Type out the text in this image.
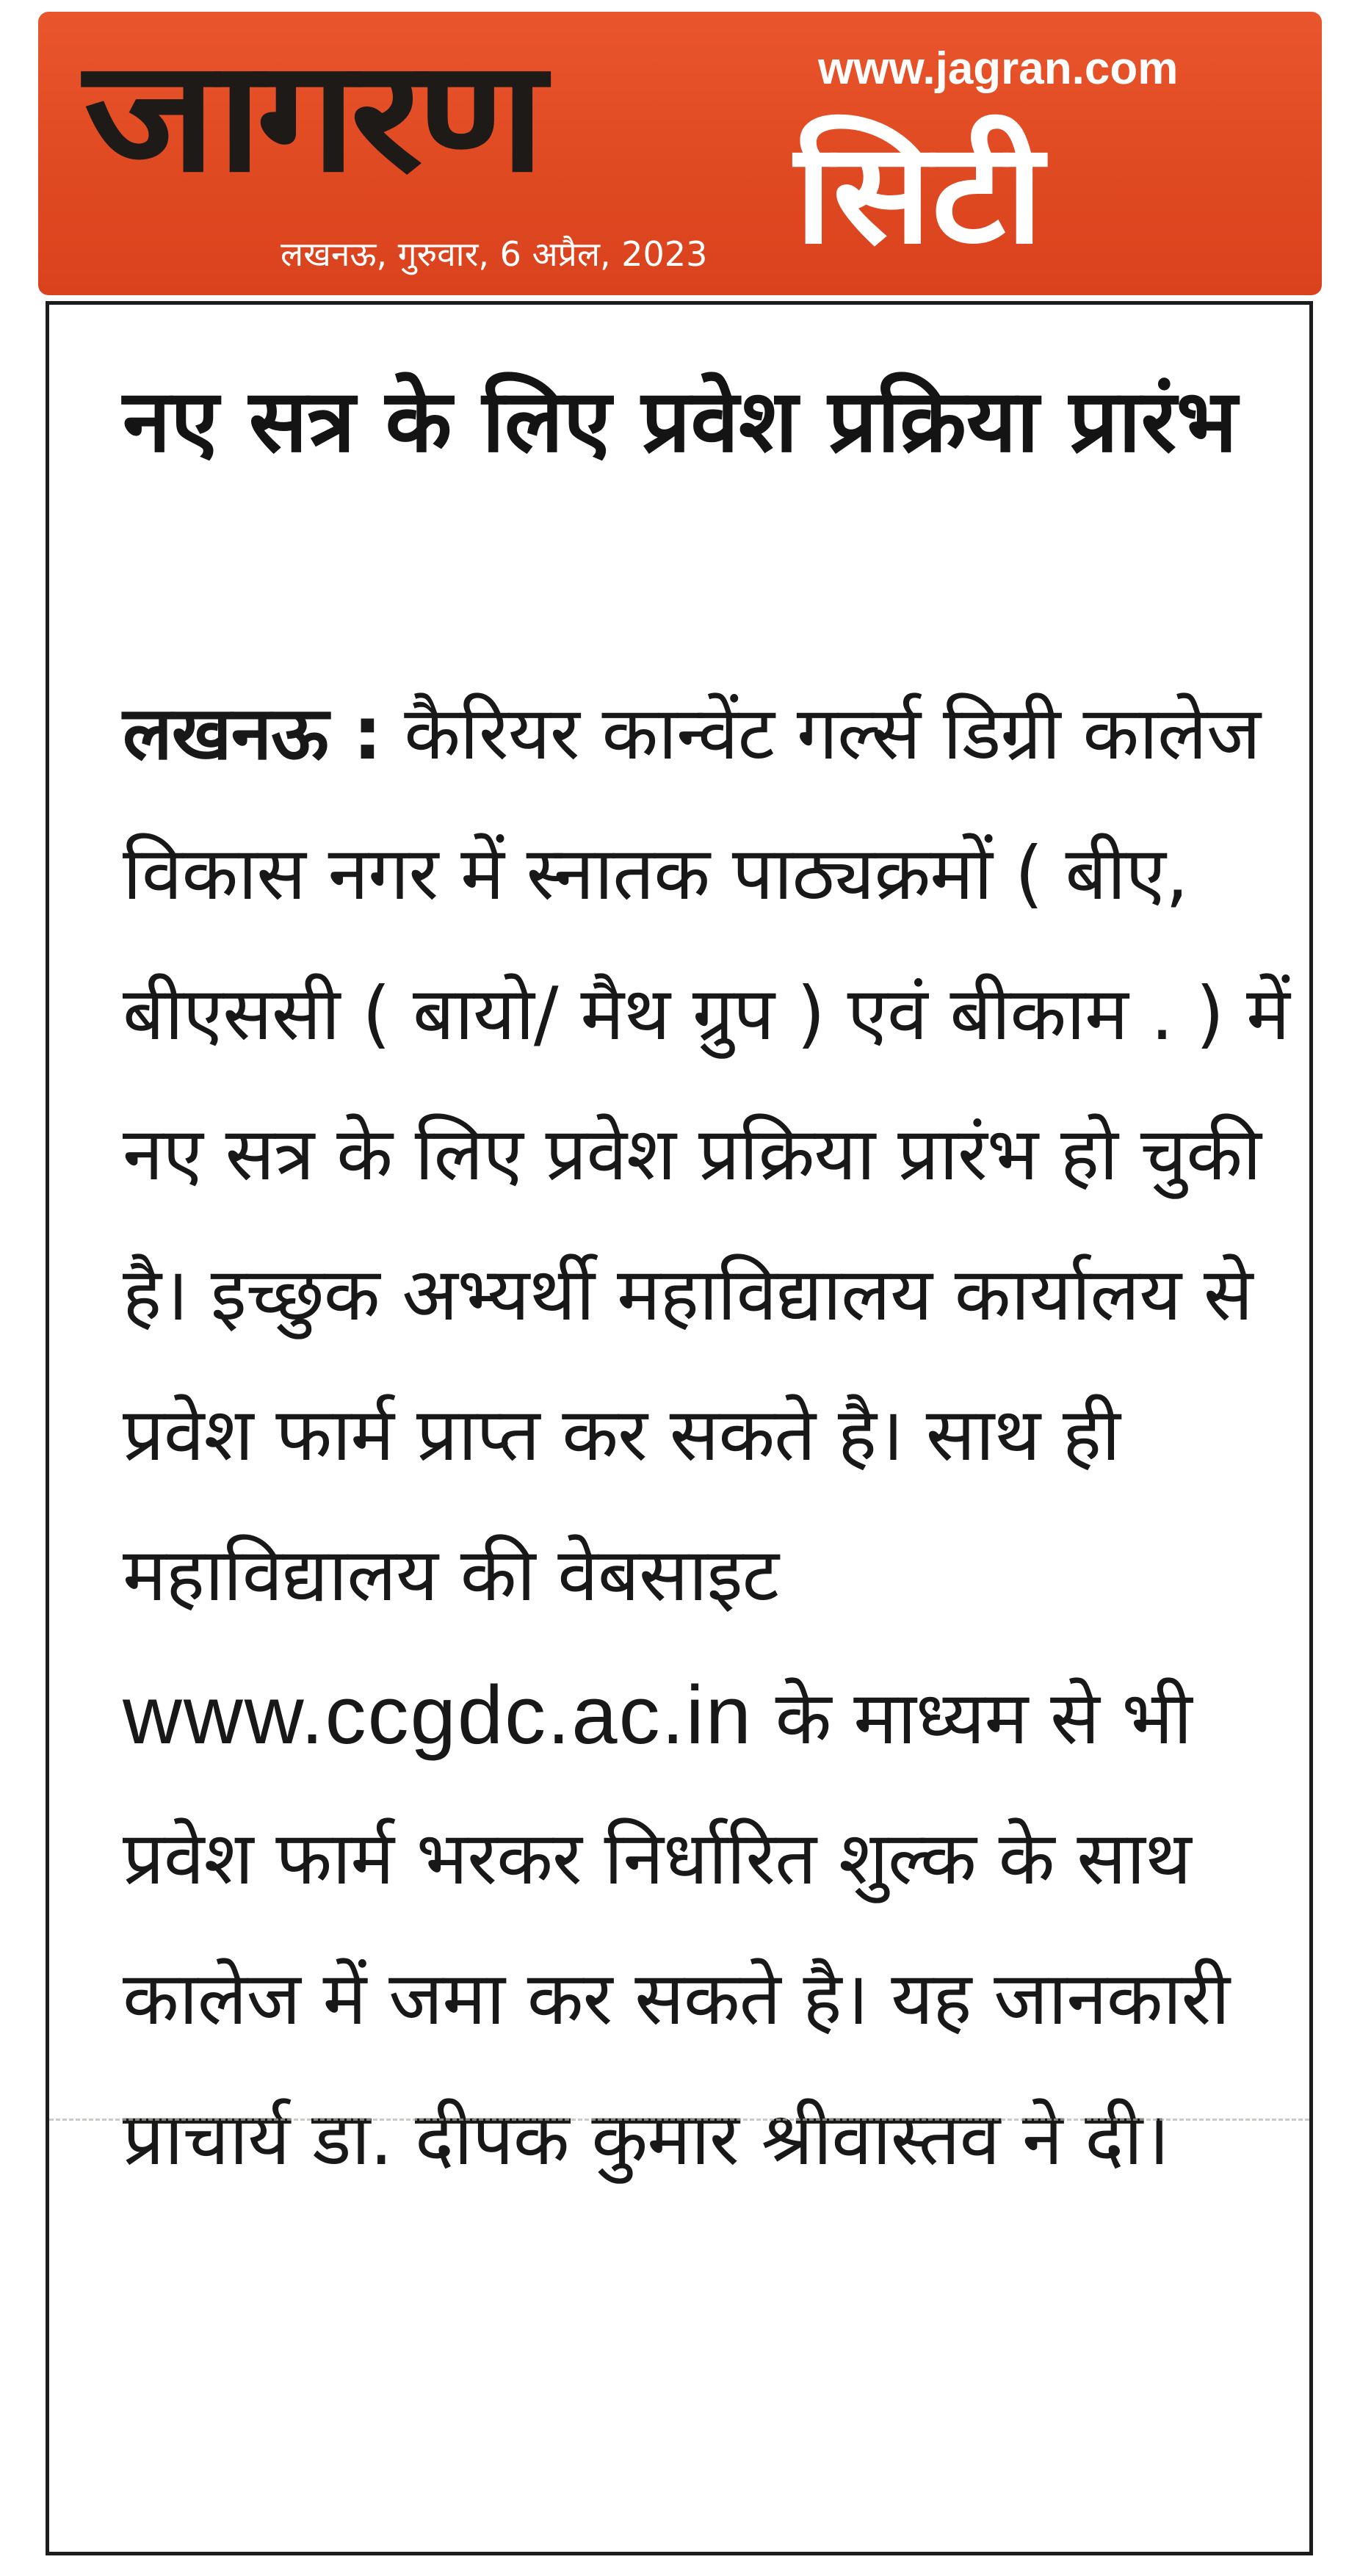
जागरण	www.jagran.com
सिटी
लखनऊ, गुरुवार, 6 अप्रैल, 2023
नए सत्र के लिए प्रवेश प्रक्रिया प्रारंभ

लखनऊ : कैरियर कान्वेंट गर्ल्स डिग्री कालेज विकास नगर में स्नातक पाठ्यक्रमों ( बीए, बीएससी ( बायो/ मैथ ग्रुप ) एवं बीकाम . ) में नए सत्र के लिए प्रवेश प्रक्रिया प्रारंभ हो चुकी है। इच्छुक अभ्यर्थी महाविद्यालय कार्यालय से प्रवेश फार्म प्राप्त कर सकते है। साथ ही महाविद्यालय की वेबसाइट www.ccgdc.ac.in के माध्यम से भी प्रवेश फार्म भरकर निर्धारित शुल्क के साथ कालेज में जमा कर सकते है। यह जानकारी प्राचार्य डा. दीपक कुमार श्रीवास्तव ने दी।
